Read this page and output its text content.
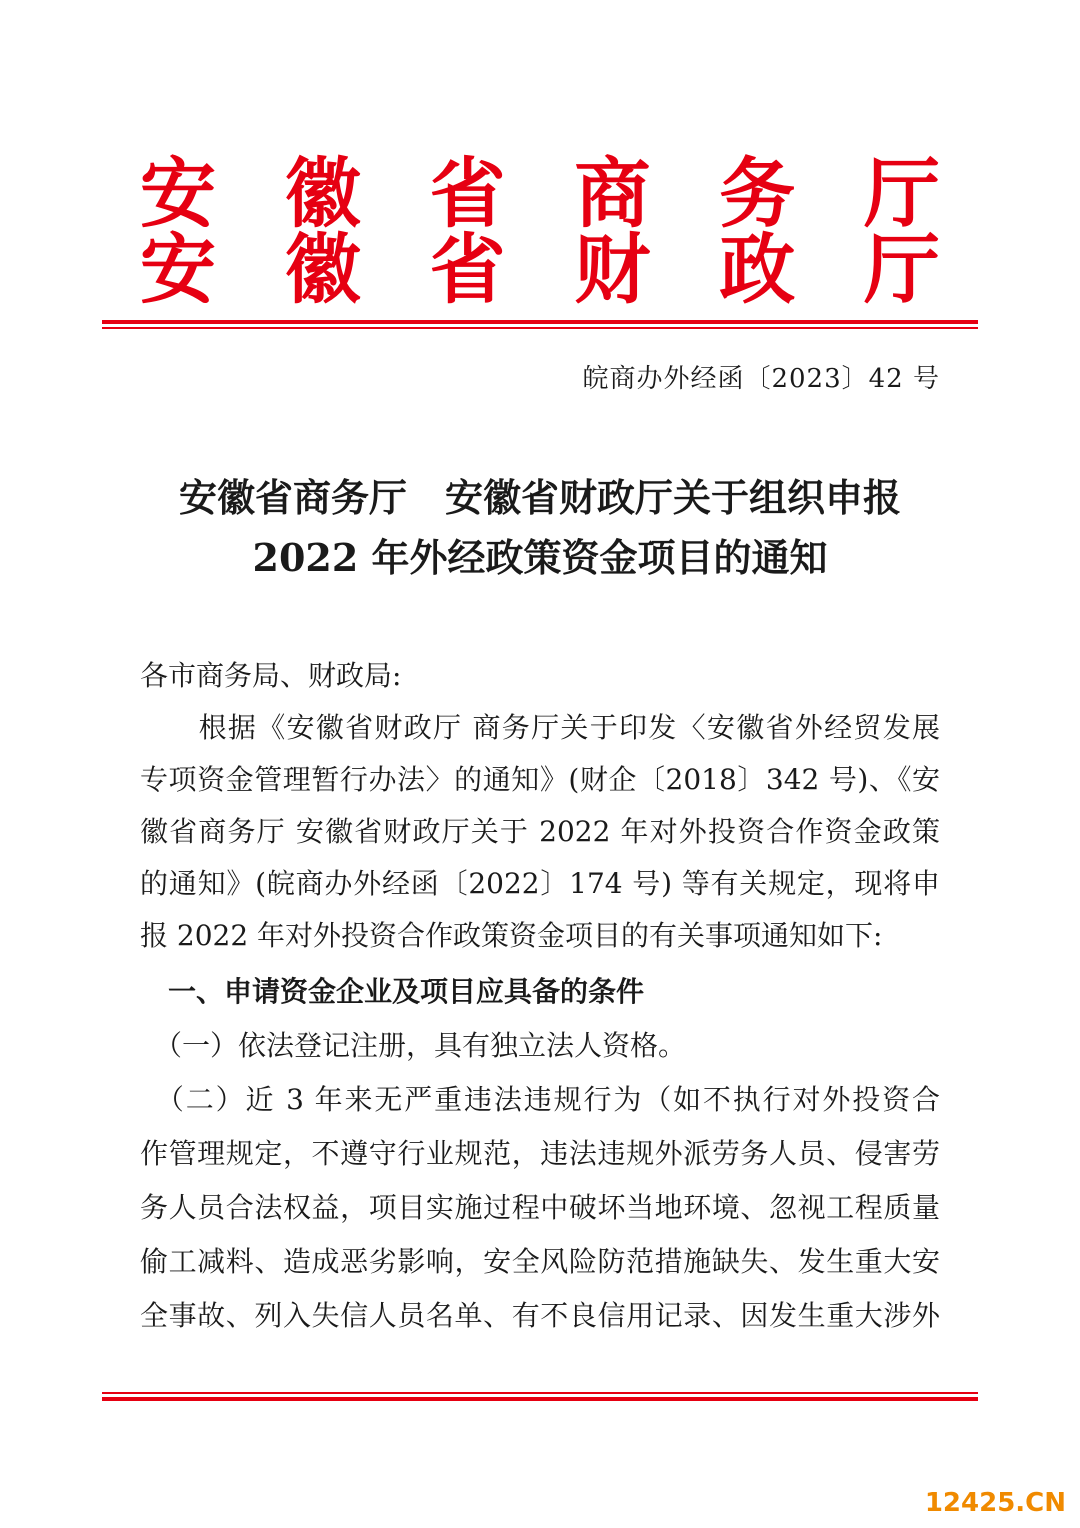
安 徽 省 商 务 厅
安 徽 省 财 政 厅
皖商办外经函〔2023〕42 号
安徽省商务厅　安徽省财政厅关于组织申报
2022 年外经政策资金项目的通知
各市商务局、财政局:
　　根据《安徽省财政厅 商务厅关于印发〈安徽省外经贸发展
专项资金管理暂行办法〉的通知》(财企〔2018〕342 号)、《安
徽省商务厅 安徽省财政厅关于 2022 年对外投资合作资金政策
的通知》(皖商办外经函〔2022〕174 号) 等有关规定，现将申
报 2022 年对外投资合作政策资金项目的有关事项通知如下:
　一、申请资金企业及项目应具备的条件
　（一）依法登记注册，具有独立法人资格。
　（二）近 3 年来无严重违法违规行为（如不执行对外投资合
作管理规定，不遵守行业规范，违法违规外派劳务人员、侵害劳
务人员合法权益，项目实施过程中破坏当地环境、忽视工程质量
偷工减料、造成恶劣影响，安全风险防范措施缺失、发生重大安
全事故、列入失信人员名单、有不良信用记录、因发生重大涉外
12425.CN
